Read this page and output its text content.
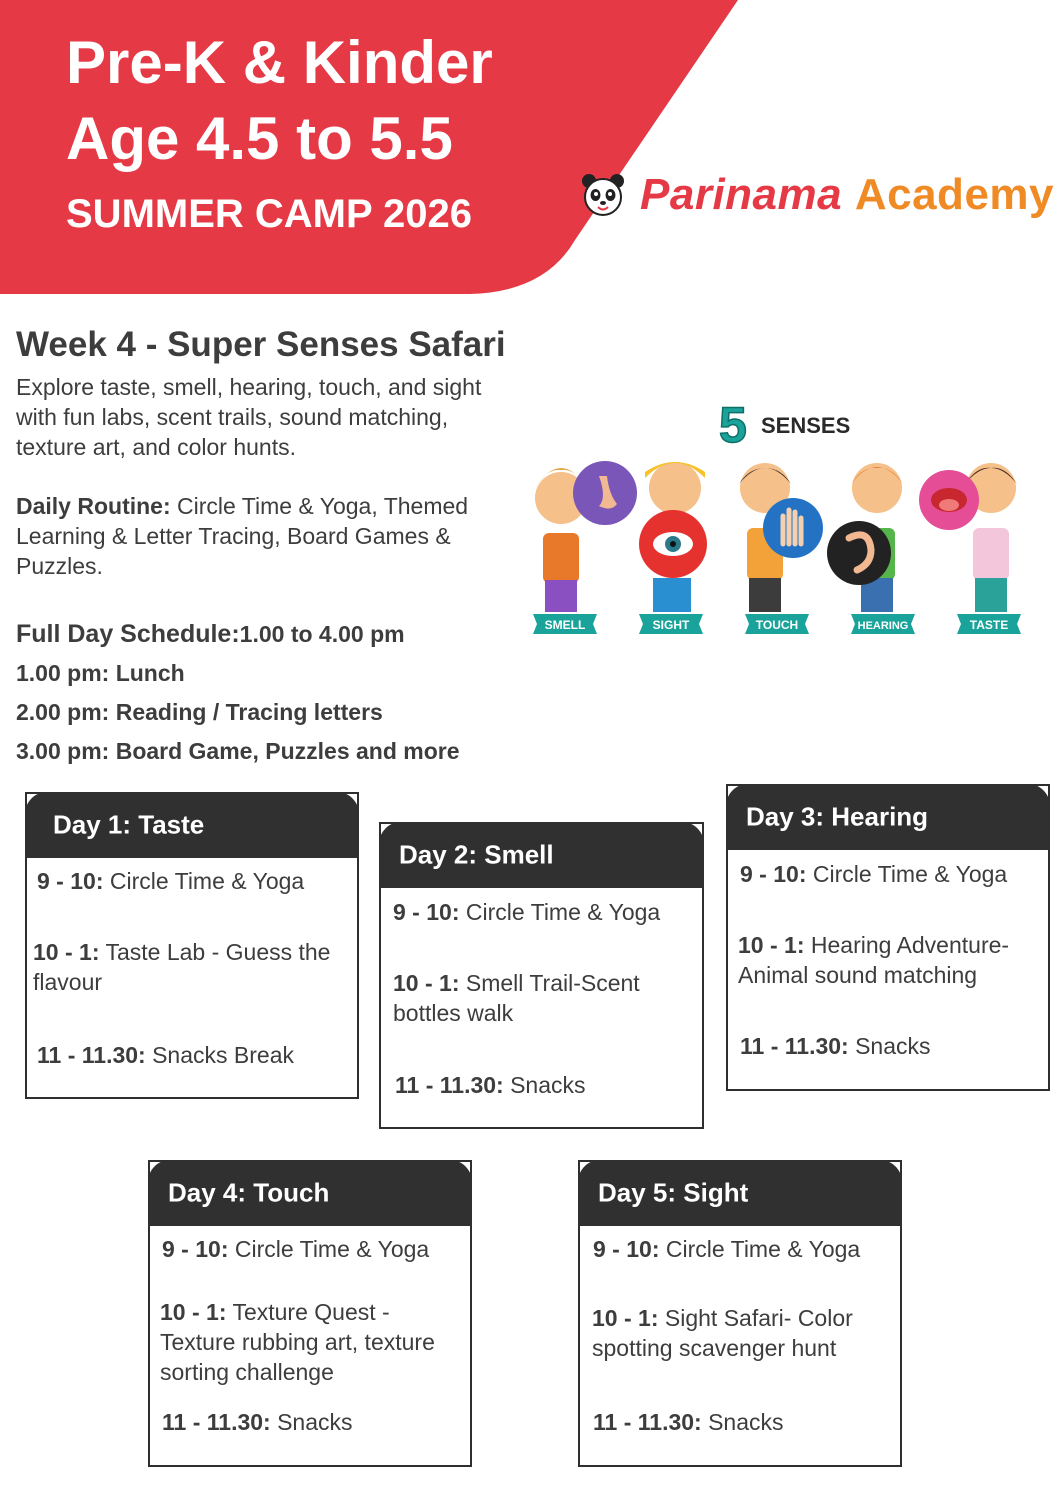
Pre-K & Kinder
Age 4.5 to 5.5
SUMMER CAMP 2026	Parinama Academy
Week 4 - Super Senses Safari

Explore taste, smell, hearing, touch, and sight with fun labs, scent trails, sound matching, texture art, and color hunts.

Daily Routine: Circle Time & Yoga, Themed Learning & Letter Tracing, Board Games & Puzzles.

Full Day Schedule:1.00 to 4.00 pm

1.00 pm: Lunch

2.00 pm: Reading / Tracing letters

3.00 pm: Board Game, Puzzles and more

5 SENSES
SMELL	SIGHT	TOUCH	HEARING	TASTE
Day 1: Taste

9 - 10: Circle Time & Yoga

10 - 1: Taste Lab - Guess the flavour

11 - 11.30: Snacks Break

Day 2: Smell

9 - 10: Circle Time & Yoga

10 - 1: Smell Trail-Scent bottles walk

11 - 11.30: Snacks

Day 3: Hearing

9 - 10: Circle Time & Yoga

10 - 1: Hearing Adventure- Animal sound matching

11 - 11.30: Snacks

Day 4: Touch

9 - 10: Circle Time & Yoga

10 - 1: Texture Quest - Texture rubbing art, texture sorting challenge

11 - 11.30: Snacks

Day 5: Sight

9 - 10: Circle Time & Yoga

10 - 1: Sight Safari- Color spotting scavenger hunt

11 - 11.30: Snacks
